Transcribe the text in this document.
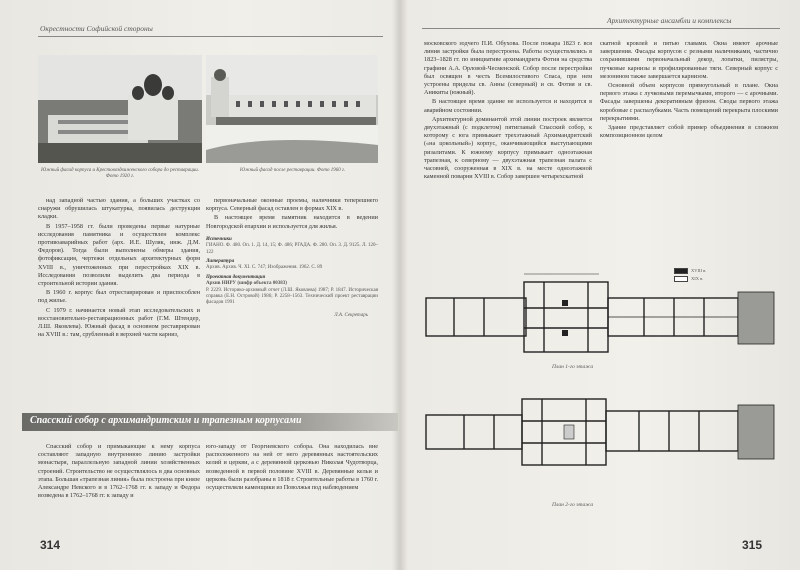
Окрестности Софийской стороны
Южный фасад корпуса и Крестовоздвиженского собора до реставрации. Фото 1920 г.
Южный фасад после реставрации. Фото 1960 г.

над западной частью здания, а больших участках со снаружи обрушилась штукатурка, появилась деструкция кладки.

В 1957–1958 гг. были проведены первые натурные исследования памятника и осуществлен комплекс противоаварийных работ (арх. И.Е. Шуляк, инж. Д.М. Федоров). Тогда были выполнены обмеры здания, фотофиксация, чертежи отдельных архитектурных форм XVIII в., уничтоженных при перестройках XIX в. Исследования позволили выделить два периода в строительной истории здания.

В 1960 г. корпус был отреставрирован и приспособлен под жилье.

С 1979 г. начинается новый этап исследовательских и восстановительно-реставрационных работ (Г.М. Штендер, Л.Ш. Яковлева). Южный фасад в основном реставрирован на XVIII в.: там, срубленный в верхней части карниз,

первоначальные оконные проемы, наличники теперешнего корпуса. Северный фасад оставлен в формах XIX в.

В настоящее время памятник находится в ведении Новгородской епархии и используется для жилья.

Источники
ГИАНО. Ф. 480. Оп. 1. Д. 14, 15; Ф. 486; РГАДА. Ф. 280. Оп. 3. Д. 9125. Л. 120–122
Литература
Архив. Архив. Ч. XI. С. 747; Изображения. 1962. С. 89
Проектная документация
Архив НИРУ (шифр объекта 00383)
Р. 2229. Историко-архивный отчет (Л.Ш. Яковлева) 1987; Р. 1847. Историческая справка (Е.Н. Островой) 1986; Р. 2258–1563. Технический проект реставрации фасадов 1991
Л.А. Секретарь
Спасский собор с архимандритским и трапезным корпусами

Спасский собор и примыкающие к нему корпуса составляют западную внутреннюю линию застройки монастыря, параллельную западной линии хозяйственных строений. Строительство не осуществлялось в два основных этапа. Большая «трапезная линия» была построена при князе Александре Невского и в 1762–1768 гг. к западу и Федора возведена в 1762–1768 гг. к западу и

юго-западу от Георгиевского собора. Она находилась вне расположенного на ней от него деревянных настоятельских келий и церкви, а с деревянной церковью Николая Чудотворца, возведенной в первой половине XVIII в. Деревянные кельи и церковь были разобраны в 1818 г. Строительные работы в 1760 г. осуществляли каменщики из Поволжья под наблюдением

314
Архитектурные ансамбли и комплексы

московского зодчего П.И. Обухова. После пожара 1823 г. вся линия застройки была перестроена. Работы осуществлялись в 1823–1828 гг. по инициативе архимандрита Фотия на средства графини А.А. Орловой-Чесменской. Собор после перестройки был освящен в честь Всемилостивого Спаса, при нем устроены приделы св. Анны (северный) и св. Фотия и св. Аникиты (южный).

В настоящее время здание не используется и находится в аварийном состоянии.

Архитектурной доминантой этой линии построек является двухэтажный (с подклетом) пятиглавый Спасский собор, к которому с юга примыкает трехэтажный Архимандритский («на цокольный») корпус, оканчивающийся выступающими ризалитами. К южному корпусу примыкает одноэтажная трапезная, к северному — двухэтажная трапезная палата с часовней, сооруженная в XIX в. на месте одноэтажной каменной поварни XVIII в. Собор завершен четырехскатной

скатной кровлей и пятью главами. Окна имеют арочные завершения. Фасады корпусов с резными наличниками, частично сохранившими первоначальный декор, лопатки, пилястры, пучковые карнизы и профилированные тяги. Северный корпус с мезонином также завершается карнизом.

Основной объем корпусов прямоугольный в плане. Окна первого этажа с лучковыми перемычками, второго — с арочными. Фасады завершены декоративным фризом. Своды первого этажа коробовые с распалубками. Часть помещений перекрыта плоскими перекрытиями.

Здание представляет собой пример объединения в сложном композиционном целом

XVIII в.
XIX в.
План 1-го этажа
План 2-го этажа
315
